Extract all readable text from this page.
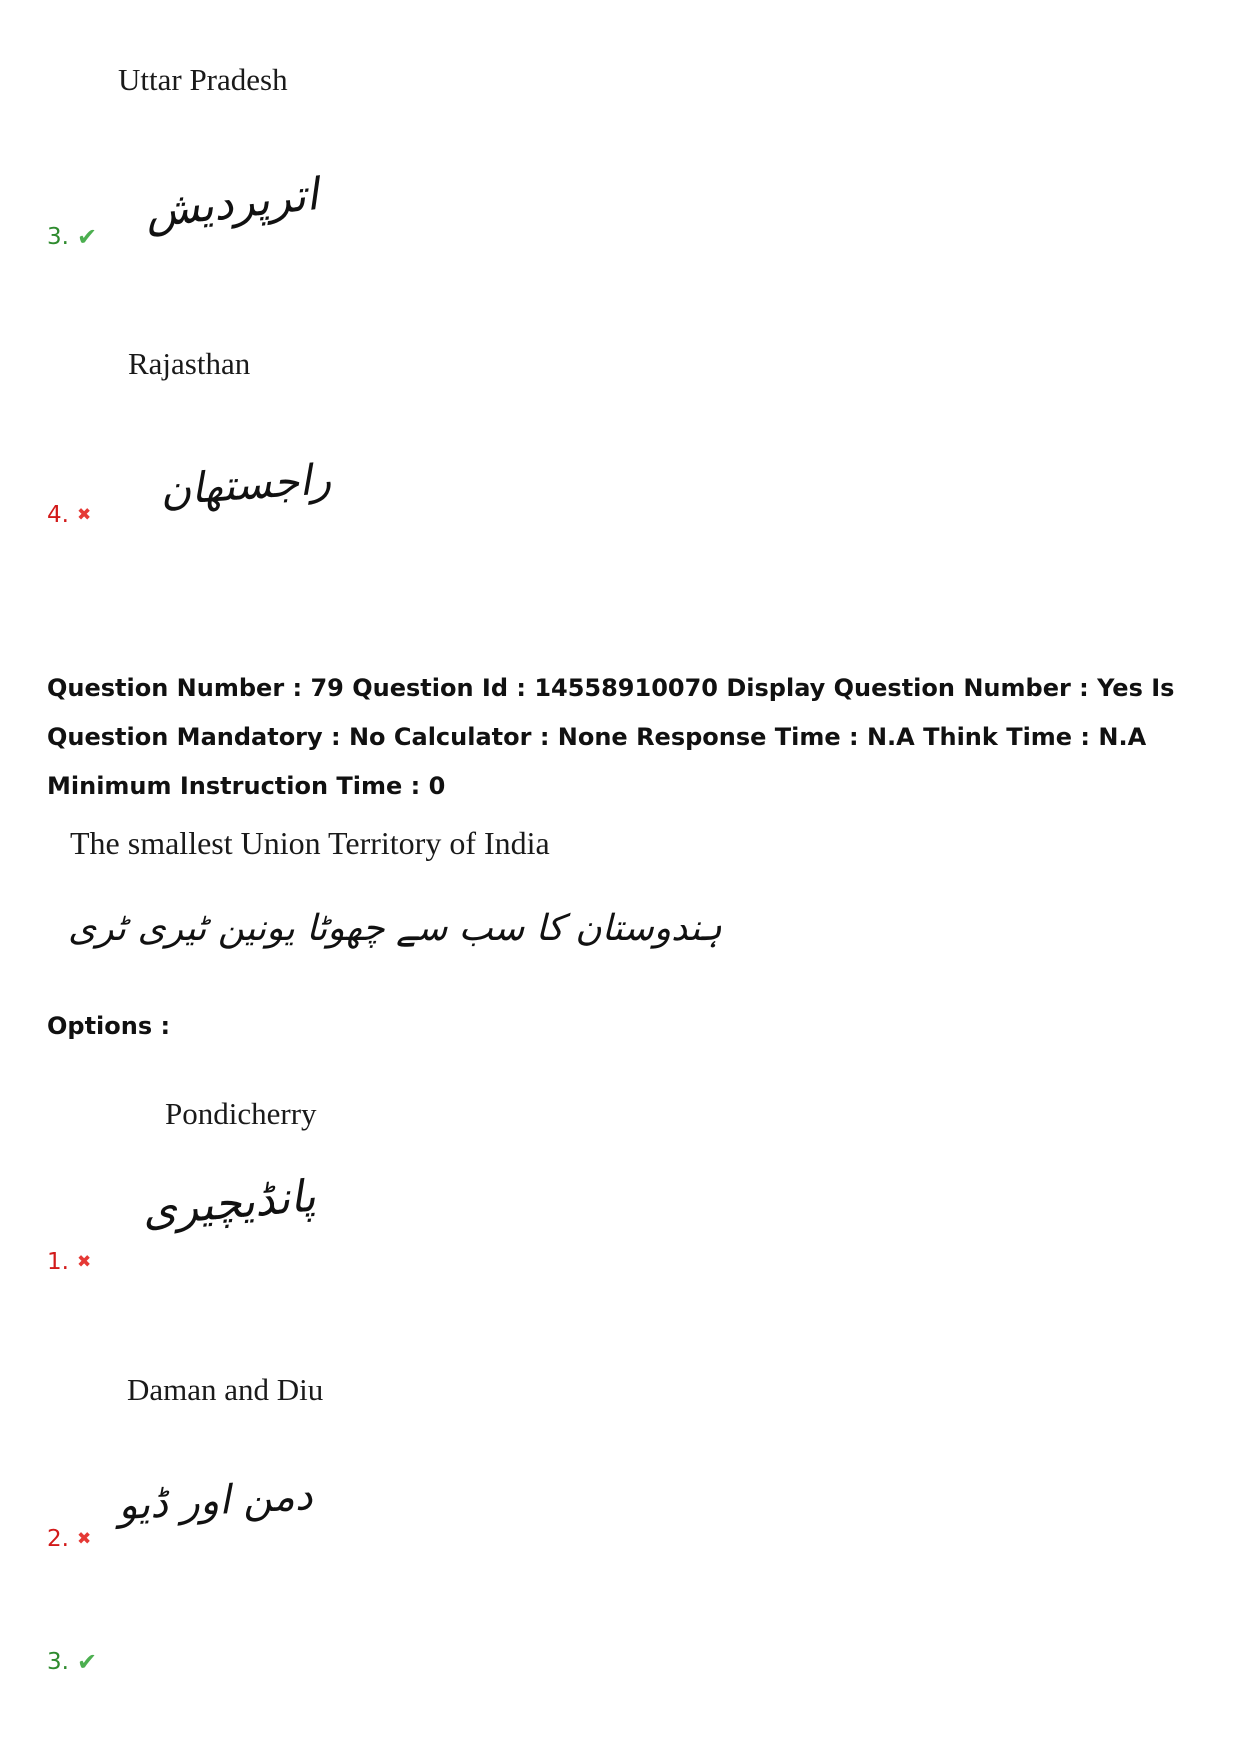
Uttar Pradesh
اترپردیش
3. ✔
Rajasthan
راجستھان
4. ✖
Question Number : 79 Question Id : 14558910070 Display Question Number : Yes Is Question Mandatory : No Calculator : None Response Time : N.A Think Time : N.A Minimum Instruction Time : 0
The smallest Union Territory of India
ہندوستان کا سب سے چھوٹا یونین ٹیری ٹری
Options :
Pondicherry
پانڈیچیری
1. ✖
Daman and Diu
دمن اور ڈیو
2. ✖
3. ✔
